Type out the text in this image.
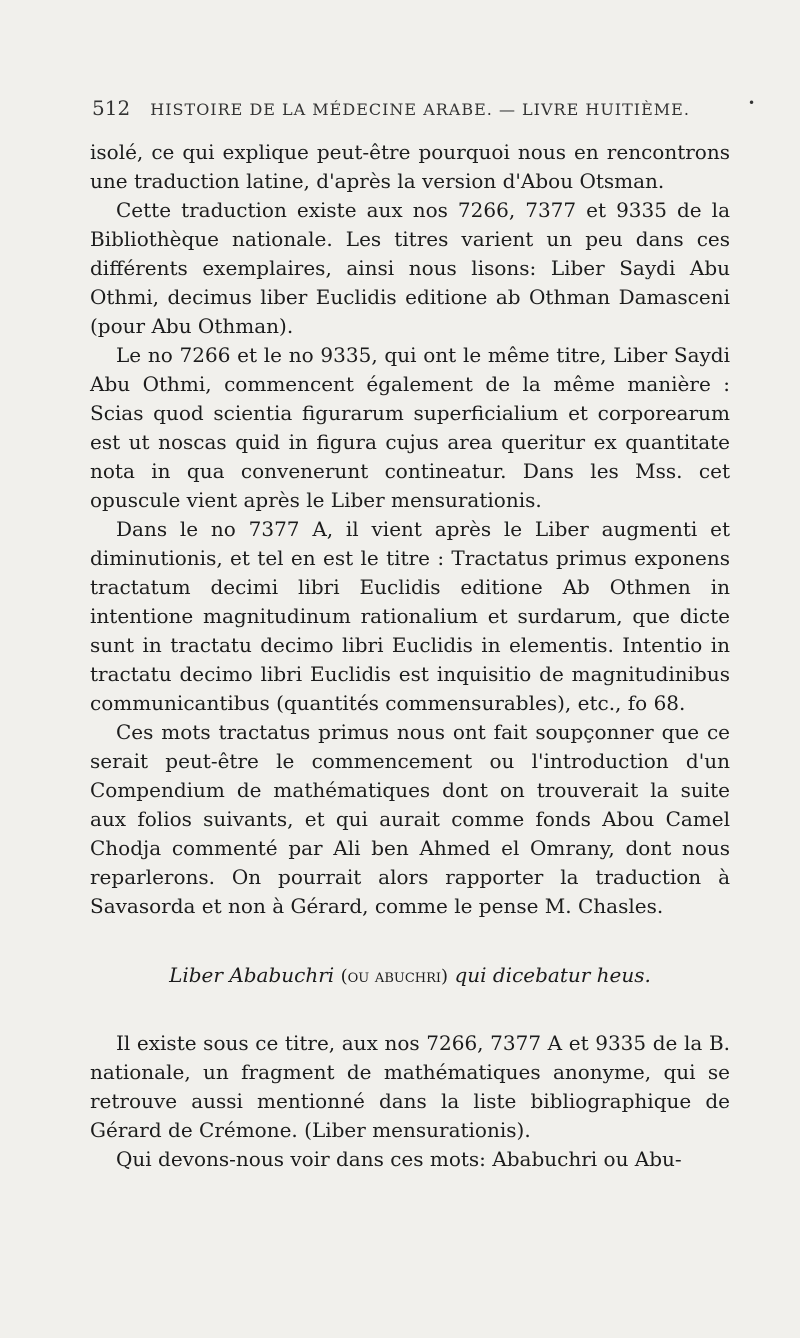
•
512 HISTOIRE DE LA MÉDECINE ARABE. — LIVRE HUITIÈME.

isolé, ce qui explique peut-être pourquoi nous en rencontrons une traduction latine, d'après la version d'Abou Otsman.

Cette traduction existe aux nos 7266, 7377 et 9335 de la Bibliothèque nationale. Les titres varient un peu dans ces différents exemplaires, ainsi nous lisons: Liber Saydi Abu Othmi, decimus liber Euclidis editione ab Othman Damasceni (pour Abu Othman).

Le no 7266 et le no 9335, qui ont le même titre, Liber Saydi Abu Othmi, commencent également de la même manière : Scias quod scientia figurarum superficialium et corporearum est ut noscas quid in figura cujus area queritur ex quantitate nota in qua convenerunt contineatur. Dans les Mss. cet opuscule vient après le Liber mensurationis.

Dans le no 7377 A, il vient après le Liber augmenti et diminutionis, et tel en est le titre : Tractatus primus exponens tractatum decimi libri Euclidis editione Ab Othmen in intentione magnitudinum rationalium et surdarum, que dicte sunt in tractatu decimo libri Euclidis in elementis. Intentio in tractatu decimo libri Euclidis est inquisitio de magnitudinibus communicantibus (quantités commensurables), etc., fo 68.

Ces mots tractatus primus nous ont fait soupçonner que ce serait peut-être le commencement ou l'introduction d'un Compendium de mathématiques dont on trouverait la suite aux folios suivants, et qui aurait comme fonds Abou Camel Chodja commenté par Ali ben Ahmed el Omrany, dont nous reparlerons. On pourrait alors rapporter la traduction à Savasorda et non à Gérard, comme le pense M. Chasles.

Liber Ababuchri (ou abuchri) qui dicebatur heus.

Il existe sous ce titre, aux nos 7266, 7377 A et 9335 de la B. nationale, un fragment de mathématiques anonyme, qui se retrouve aussi mentionné dans la liste bibliographique de Gérard de Crémone. (Liber mensurationis).

Qui devons-nous voir dans ces mots: Ababuchri ou Abu-
